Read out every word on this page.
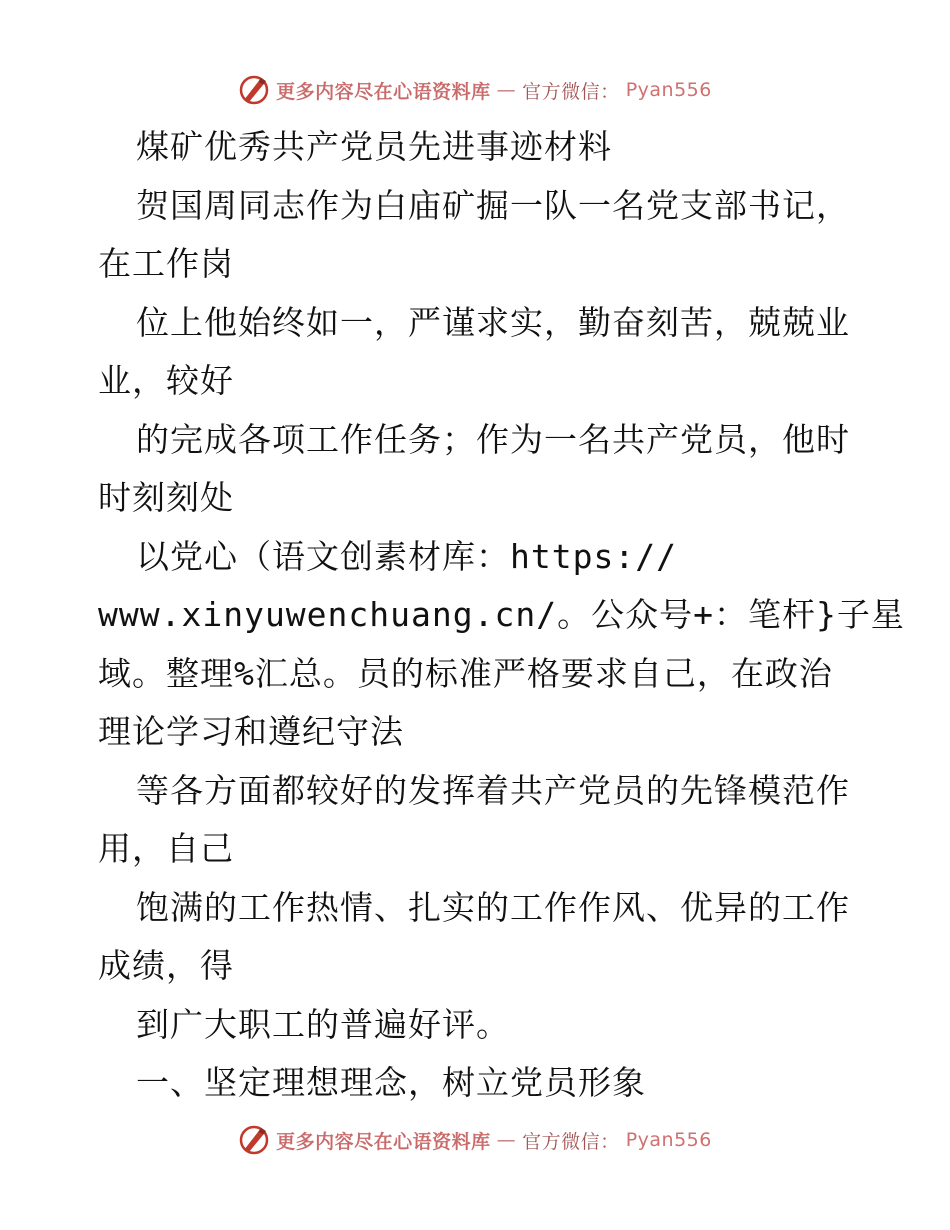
更多内容尽在心语资料库 — 官方微信： Pyan556
煤矿优秀共产党员先进事迹材料
贺国周同志作为白庙矿掘一队一名党支部书记，
在工作岗
位上他始终如一，严谨求实，勤奋刻苦，兢兢业
业，较好
的完成各项工作任务；作为一名共产党员，他时
时刻刻处
以党心（语文创素材库：https://
www.xinyuwenchuang.cn/。公众号+：笔杆}子星
域。整理%汇总。员的标准严格要求自己，在政治
理论学习和遵纪守法
等各方面都较好的发挥着共产党员的先锋模范作
用，自己
饱满的工作热情、扎实的工作作风、优异的工作
成绩，得
到广大职工的普遍好评。
一、坚定理想理念，树立党员形象
更多内容尽在心语资料库 — 官方微信： Pyan556
